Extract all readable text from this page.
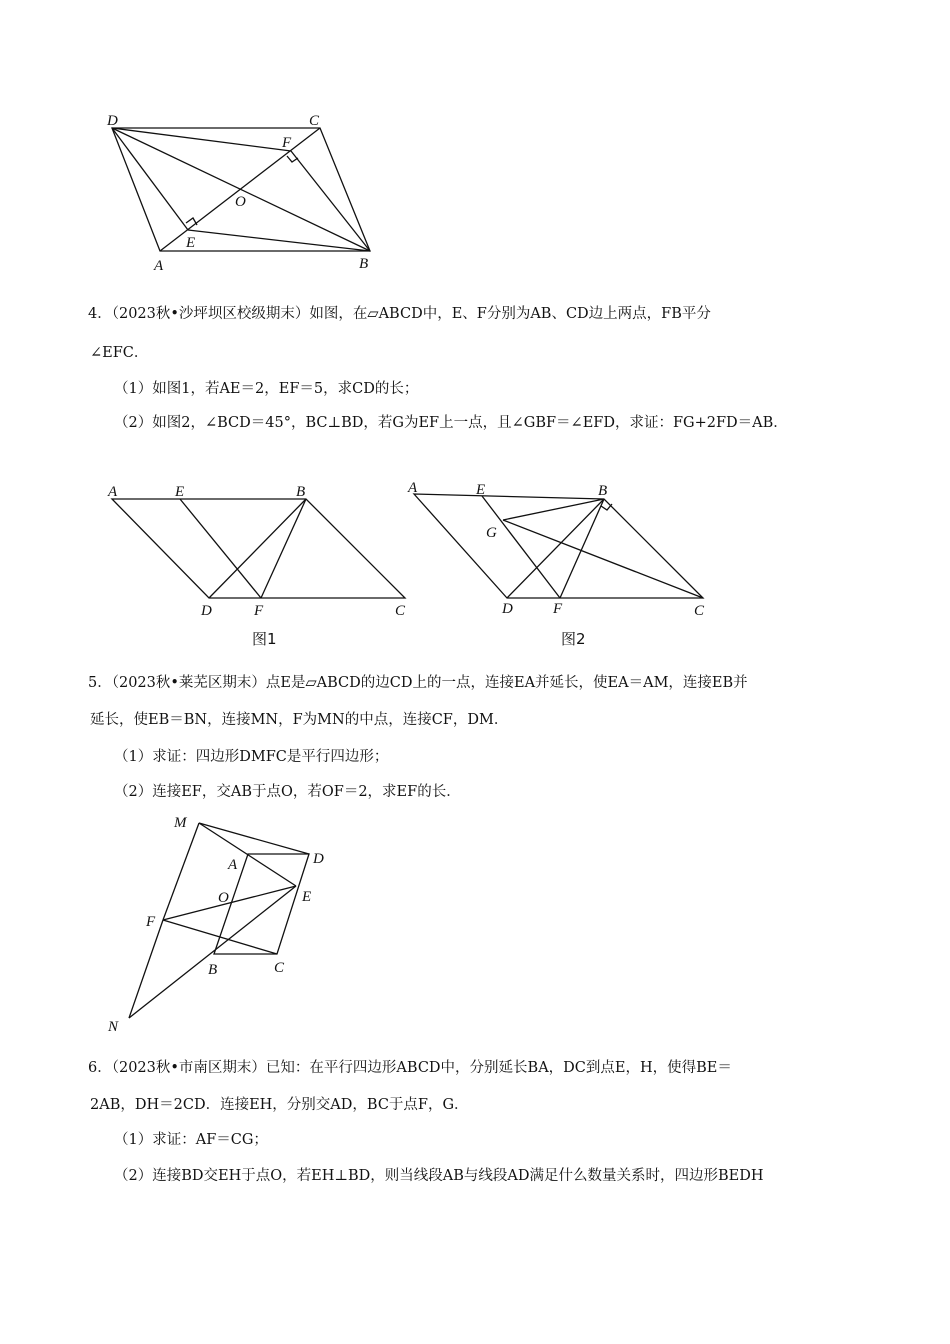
D	C
F
O
E
A	B
4．（2023秋•沙坪坝区校级期末）如图，在▱ABCD中，E、F分别为AB、CD边上两点，FB平分
∠EFC．
（1）如图1，若AE＝2，EF＝5，求CD的长；
（2）如图2，∠BCD＝45°，BC⊥BD，若G为EF上一点，且∠GBF＝∠EFD，求证：FG+2FD＝AB．
A	E	B
D	F	C
图1
A	E	B
G
D	F	C
图2
5．（2023秋•莱芜区期末）点E是▱ABCD的边CD上的一点，连接EA并延长，使EA＝AM，连接EB并
延长，使EB＝BN，连接MN，F为MN的中点，连接CF，DM．
（1）求证：四边形DMFC是平行四边形；
（2）连接EF，交AB于点O，若OF＝2，求EF的长．
M
A	D
O	E
F
B	C
N
6．（2023秋•市南区期末）已知：在平行四边形ABCD中，分别延长BA，DC到点E，H，使得BE＝
2AB，DH＝2CD．连接EH，分别交AD，BC于点F，G．
（1）求证：AF＝CG；
（2）连接BD交EH于点O，若EH⊥BD，则当线段AB与线段AD满足什么数量关系时，四边形BEDH
